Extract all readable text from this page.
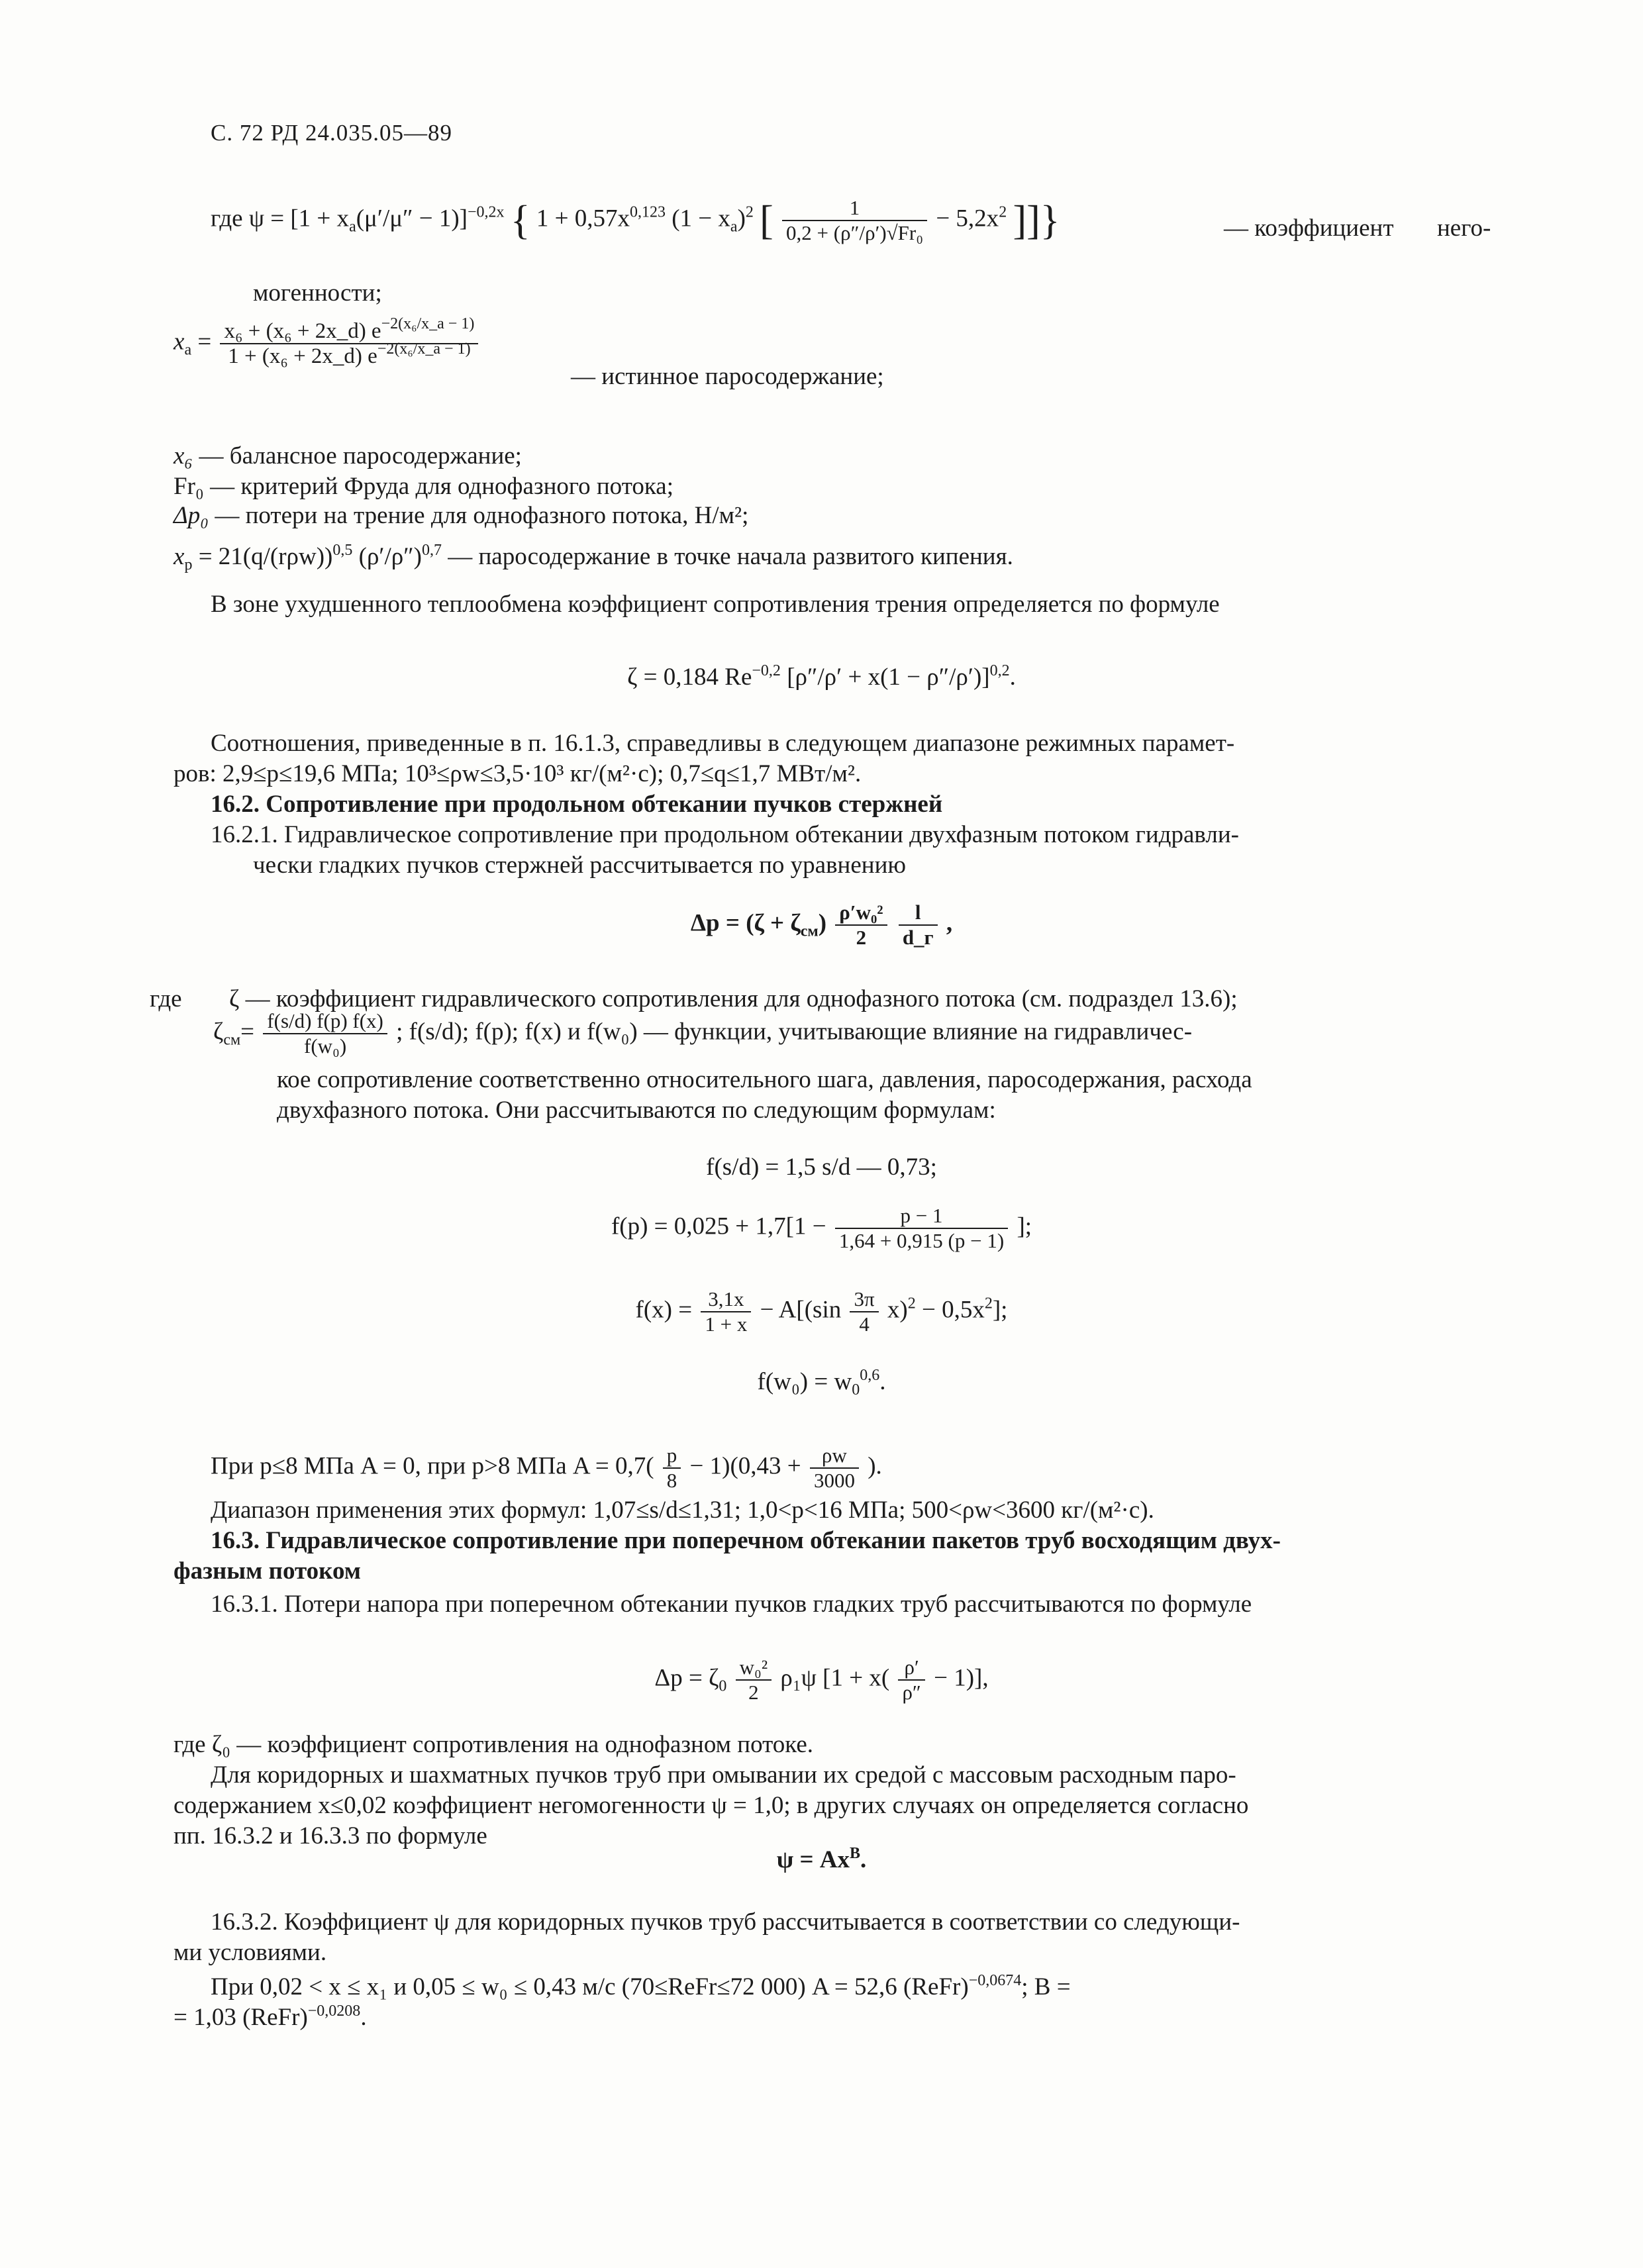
С. 72 РД 24.035.05—89
где $\psi = [1 + x_а(\mu'/\mu'' - 1)]^{-0,2x}$ { $1 + 0,57x^{0,123}$ $(1 - x_а)^2$ [ $\frac{1}{\text{0,2 + (ρ″/ρ′)√Fr₀}} - 5,2x^2$ ]]}	— коэффициент него-
могенности;
$x_а = \frac{x_6 + (x_6 + 2x\_d) e^{-2(x_6/x\_а - 1)}}{1 + (x_6 + 2x\_d) e^{-2(x_6/x\_а - 1)}}$
— истинное паросодержание;
x₆ — балансное паросодержание;
Fr₀ — критерий Фруда для однофазного потока;
Δp₀ — потери на трение для однофазного потока, Н/м²;
$x_р = 21(q/(r\rho w))^{0,5}$ $(\rho'/\rho'')^{0,7}$ — паросодержание в точке начала развитого кипения.
В зоне ухудшенного теплообмена коэффициент сопротивления трения определяется по формуле
ζ = 0,184 $Re^{-0,2}$ $[\rho''/\rho' + x(1 - \rho''/\rho')]^{0,2}$.
Соотношения, приведенные в п. 16.1.3, справедливы в следующем диапазоне режимных парамет-
ров: 2,9≤p≤19,6 МПа; 10³≤ρw≤3,5·10³ кг/(м²·с); 0,7≤q≤1,7 МВт/м².
16.2. Сопротивление при продольном обтекании пучков стержней
16.2.1. Гидравлическое сопротивление при продольном обтекании двухфазным потоком гидравли-
чески гладких пучков стержней рассчитывается по уравнению
$\Delta p = (\zeta + \zeta_{см}) \frac{\text{ρ′w₀²}}{2}$
$\frac{l}{d\_г}$ ,
где ζ — коэффициент гидравлического сопротивления для однофазного потока (см. подраздел 13.6);
$\zeta_{см}= \frac{f(s/d) f(p) f(x)}{\text{f(w₀)}}$ ; f(s/d); f(p); f(x) и f(w₀) — функции, учитывающие влияние на гидравличес-
кое сопротивление соответственно относительного шага, давления, паросодержания, расхода
двухфазного потока. Они рассчитываются по следующим формулам:
f(s/d) = 1,5 s/d — 0,73;
$f(p) = 0,025 + 1,7[1 - \frac{p - 1}{1,64 + 0,915 (p - 1)}$ ];
$f(x) = \frac{3,1x}{1 + x} - A[(\sin \frac{3\pi}{4} x)^2 - 0,5x^2]$;
$f(w_0) = w_0^{0,6}$.
При p≤8 МПа A = 0, при p>8 МПа $A = 0,7( \frac{p}{8} - 1)(0,43 + \frac{\rho w}{3000}$ ).
Диапазон применения этих формул: 1,07≤s/d≤1,31; 1,0<p<16 МПа; 500<ρw<3600 кг/(м²·с).
16.3. Гидравлическое сопротивление при поперечном обтекании пакетов труб восходящим двух-
фазным потоком
16.3.1. Потери напора при поперечном обтекании пучков гладких труб рассчитываются по формуле
$\Delta p = \zeta_0 \frac{\text{w₀²}}{2} \rho_1\psi$ $[1 + x( \frac{\rho'}{\rho''} - 1)]$,
где ζ₀ — коэффициент сопротивления на однофазном потоке.
Для коридорных и шахматных пучков труб при омывании их средой с массовым расходным паро-
содержанием x≤0,02 коэффициент негомогенности ψ = 1,0; в других случаях он определяется согласно
пп. 16.3.2 и 16.3.3 по формуле
$\psi = Ax^B$.
16.3.2. Коэффициент ψ для коридорных пучков труб рассчитывается в соответствии со следующи-
ми условиями.
При 0,02 < x ≤ x₁ и 0,05 ≤ w₀ ≤ 0,43 м/с (70≤ReFr≤72 000) A = 52,6 (ReFr)$^{-0,0674}$; B =
= 1,03 (ReFr)$^{-0,0208}$.
